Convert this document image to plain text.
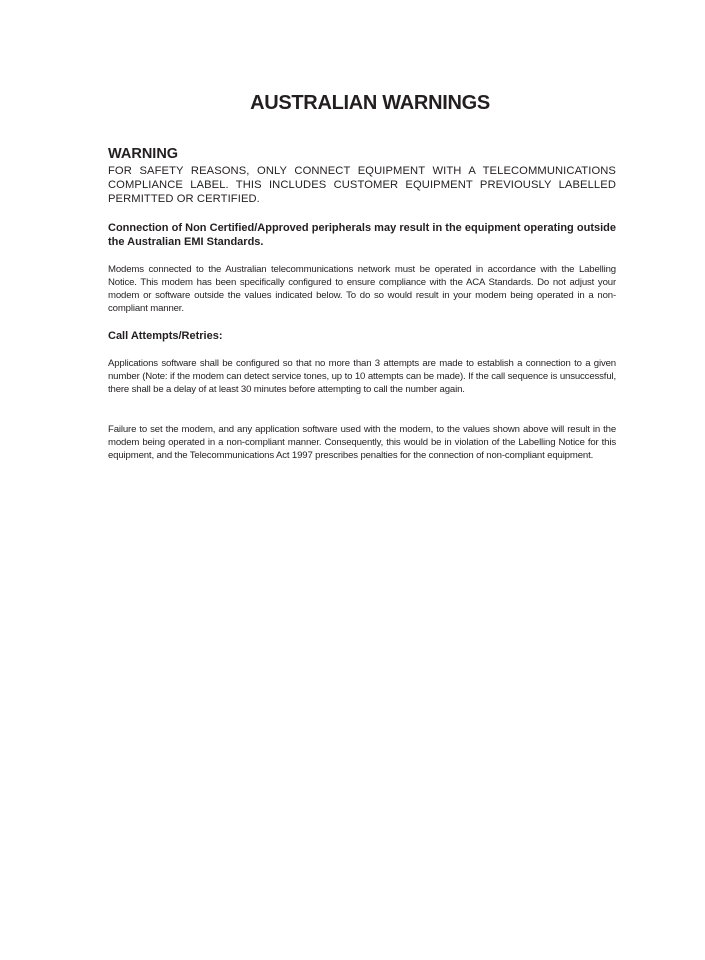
AUSTRALIAN WARNINGS
WARNING

FOR SAFETY REASONS, ONLY CONNECT EQUIPMENT WITH A TELECOMMUNICATIONS COMPLIANCE LABEL. THIS INCLUDES CUSTOMER EQUIPMENT PREVIOUSLY LABELLED PERMITTED OR CERTIFIED.

Connection of Non Certified/Approved peripherals may result in the equipment operating outside the Australian EMI Standards.

Modems connected to the Australian telecommunications network must be operated in accordance with the Labelling Notice. This modem has been specifically configured to ensure compliance with the ACA Standards. Do not adjust your modem or software outside the values indicated below. To do so would result in your modem being operated in a non-compliant manner.

Call Attempts/Retries:

Applications software shall be configured so that no more than 3 attempts are made to establish a connection to a given number (Note: if the modem can detect service tones, up to 10 attempts can be made). If the call sequence is unsuccessful, there shall be a delay of at least 30 minutes before attempting to call the number again.

Failure to set the modem, and any application software used with the modem, to the values shown above will result in the modem being operated in a non-compliant manner. Consequently, this would be in violation of the Labelling Notice for this equipment, and the Telecommunications Act 1997 prescribes penalties for the connection of non-compliant equipment.
